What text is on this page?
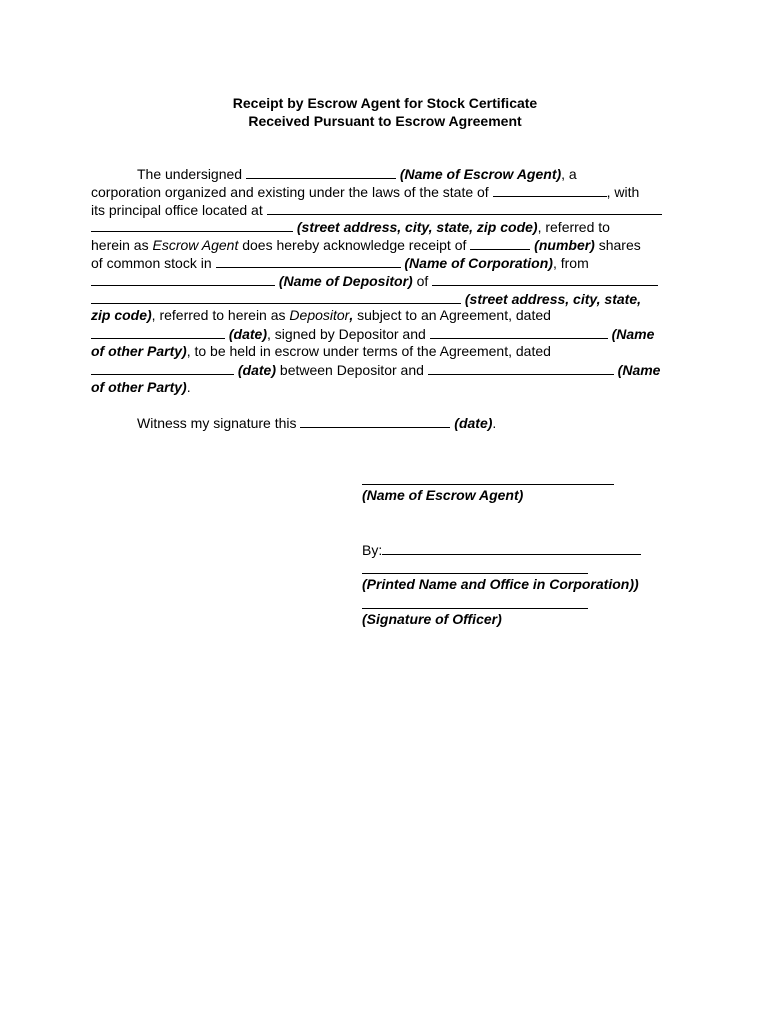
Receipt by Escrow Agent for Stock Certificate
Received Pursuant to Escrow Agreement
The undersigned	(Name of Escrow Agent), a
corporation organized and existing under the laws of the state of	, with
its principal office located at
(street address, city, state, zip code), referred to
herein as Escrow Agent does hereby acknowledge receipt of	(number) shares
of common stock in	(Name of Corporation), from
(Name of Depositor) of
(street address, city, state,
zip code), referred to herein as Depositor, subject to an Agreement, dated
(date), signed by Depositor and	(Name
of other Party), to be held in escrow under terms of the Agreement, dated
(date) between Depositor and	(Name
of other Party).
Witness my signature this	(date).
(Name of Escrow Agent)
By:
(Printed Name and Office in Corporation))
(Signature of Officer)
